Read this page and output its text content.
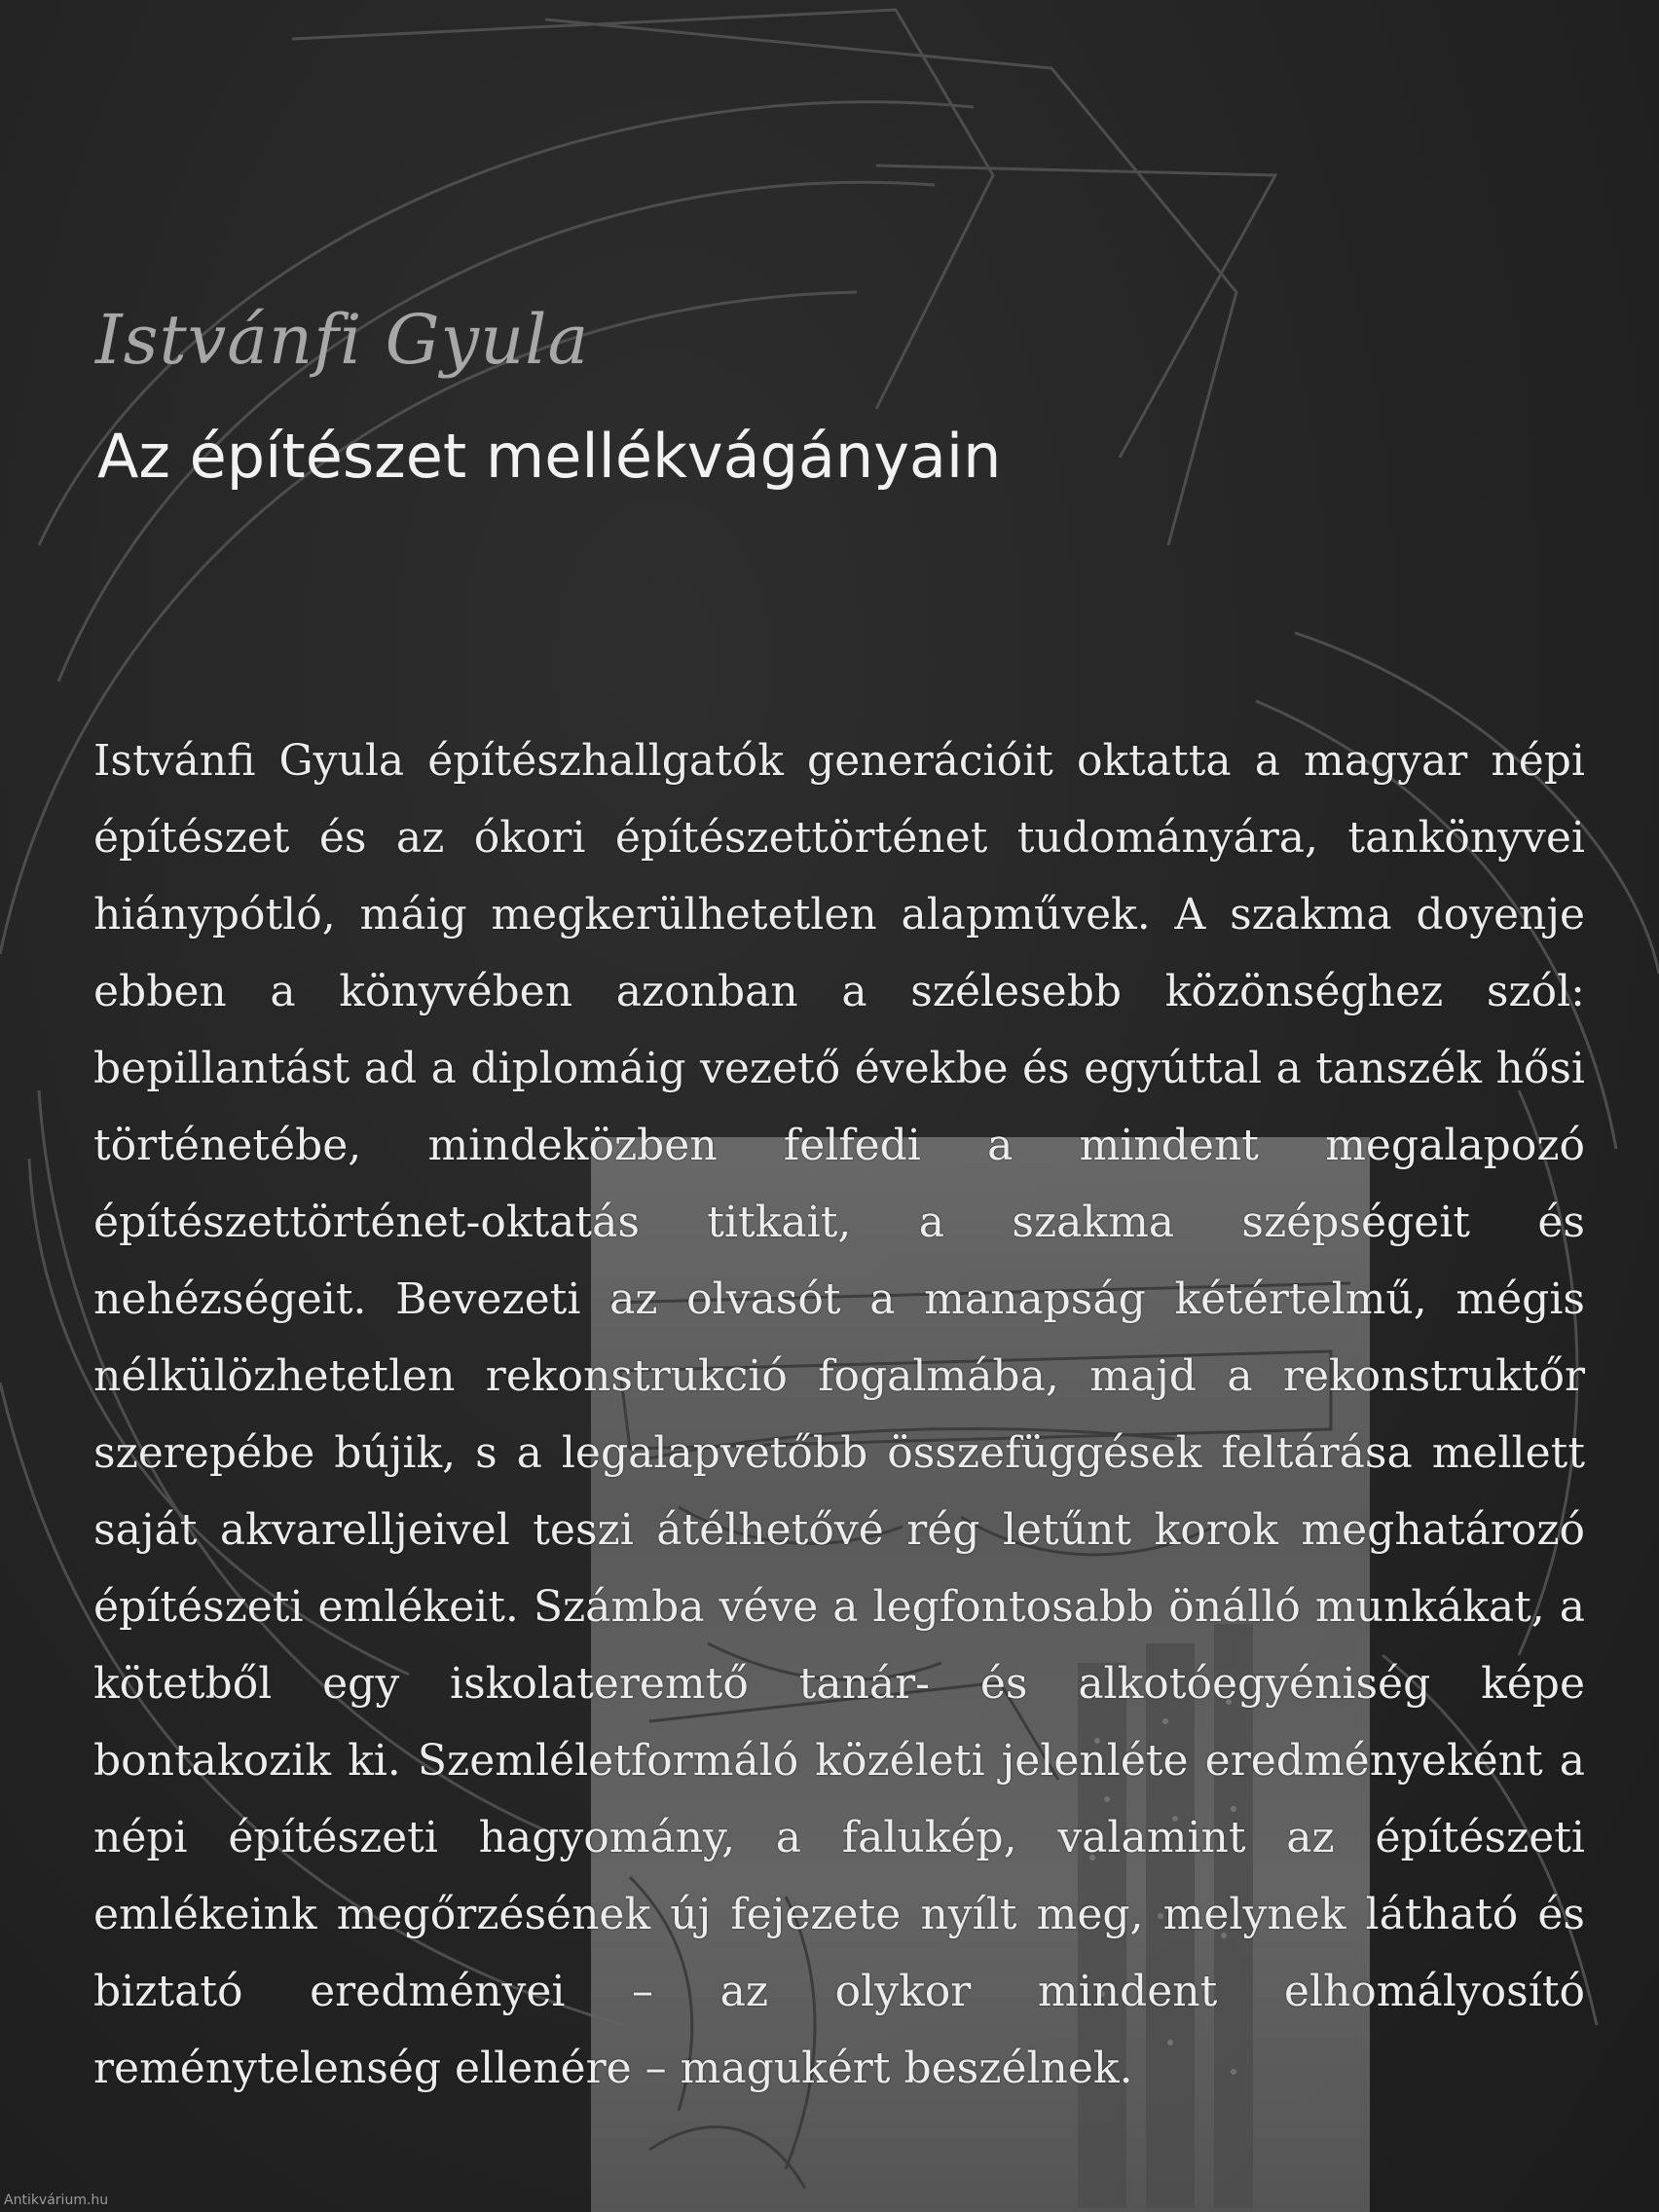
Istvánfi Gyula
Az építészet mellékvágányain

Istvánfi Gyula építészhallgatók generációit oktatta a magyar népi építészet és az ókori építészettörténet tudományára, tankönyvei hiánypótló, máig megkerülhetetlen alapművek. A szakma doyenje ebben a könyvében azonban a szélesebb közönséghez szól: bepillantást ad a diplomáig vezető évekbe és egyúttal a tanszék hősi történetébe, mindeközben felfedi a mindent megalapozó építészettörténet-oktatás titkait, a szakma szépségeit és nehézségeit. Bevezeti az olvasót a manapság kétértelmű, mégis nélkülözhetetlen rekonstrukció fogalmába, majd a rekonstruktőr szerepébe bújik, s a legalapvetőbb összefüggések feltárása mellett saját akvarelljeivel teszi átélhetővé rég letűnt korok meghatározó építészeti emlékeit. Számba véve a legfontosabb önálló munkákat, a kötetből egy iskolateremtő tanár- és alkotóegyéniség képe bontakozik ki. Szemléletformáló közéleti jelenléte eredményeként a népi építészeti hagyomány, a falukép, valamint az építészeti emlékeink megőrzésének új fejezete nyílt meg, melynek látható és biztató eredményei – az olykor mindent elhomályosító reménytelenség ellenére – magukért beszélnek.

Antikvárium.hu
